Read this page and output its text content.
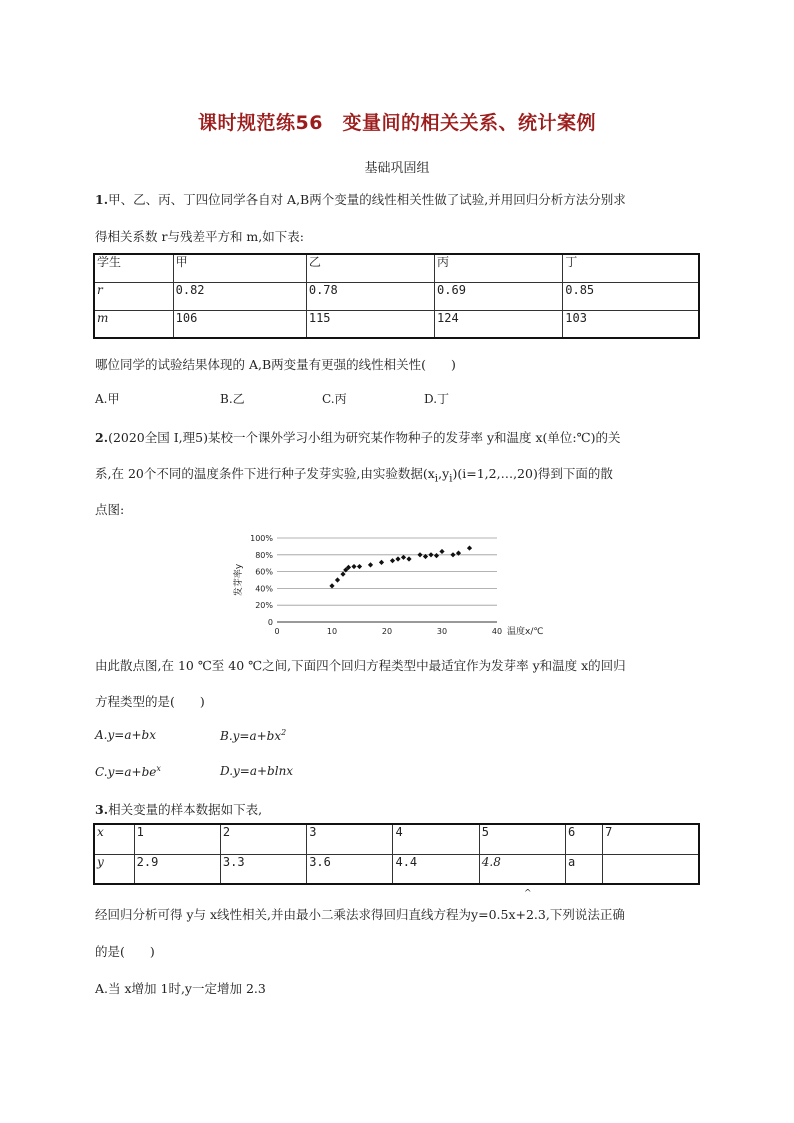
课时规范练56　变量间的相关关系、统计案例
基础巩固组
1.甲、乙、丙、丁四位同学各自对 A,B两个变量的线性相关性做了试验,并用回归分析方法分别求
得相关系数 r与残差平方和 m,如下表:
学生	甲	乙	丙	丁
r	0.82	0.78	0.69	0.85
m	106	115	124	103
哪位同学的试验结果体现的 A,B两变量有更强的线性相关性(　　)
A.甲	B.乙	C.丙	D.丁
2.(2020全国 Ⅰ,理5)某校一个课外学习小组为研究某作物种子的发芽率 y和温度 x(单位:℃)的关
系,在 20个不同的温度条件下进行种子发芽实验,由实验数据$(x_i,y_i)(i=1,2,\dots,20)$得到下面的散
点图:
0
20%
40%
60%
80%
100%
0	10	20	30	40 温度x/℃
发芽率y
由此散点图,在 10 ℃至 40 ℃之间,下面四个回归方程类型中最适宜作为发芽率 y和温度 x的回归
方程类型的是(　　)
A.y=a+bx	$B.y=a+bx^2$
$C.y=a+be^x$	D.y=a+blnx
3.相关变量的样本数据如下表,
x	1	2	3	4	5	6	7
y	2.9	3.3	3.6	4.4	4.8	a	
^
经回归分析可得 y与 x线性相关,并由最小二乘法求得回归直线方程为y=0.5x+2.3,下列说法正确
的是(　　)
A.当 x增加 1时,y一定增加 2.3
